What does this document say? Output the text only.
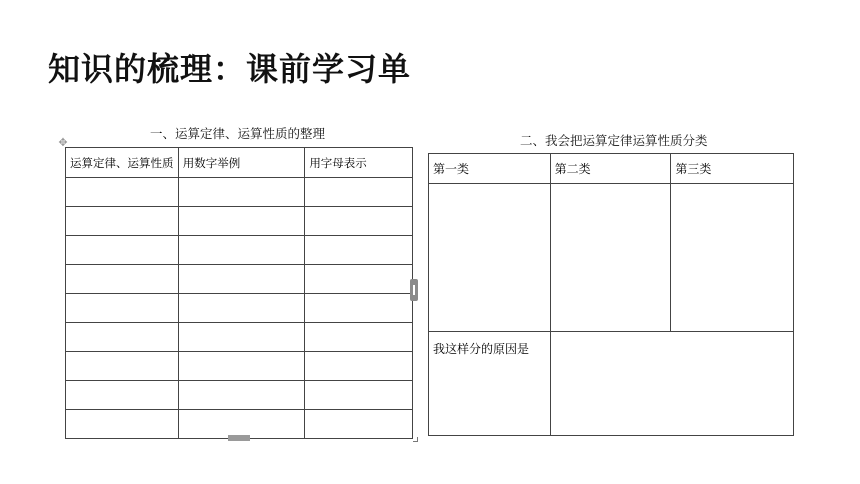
知识的梳理：课前学习单
一、运算定律、运算性质的整理
✥
运算定律、运算性质	用数字举例	用字母表示

二、我会把运算定律运算性质分类
第一类	第二类	第三类

我这样分的原因是		
